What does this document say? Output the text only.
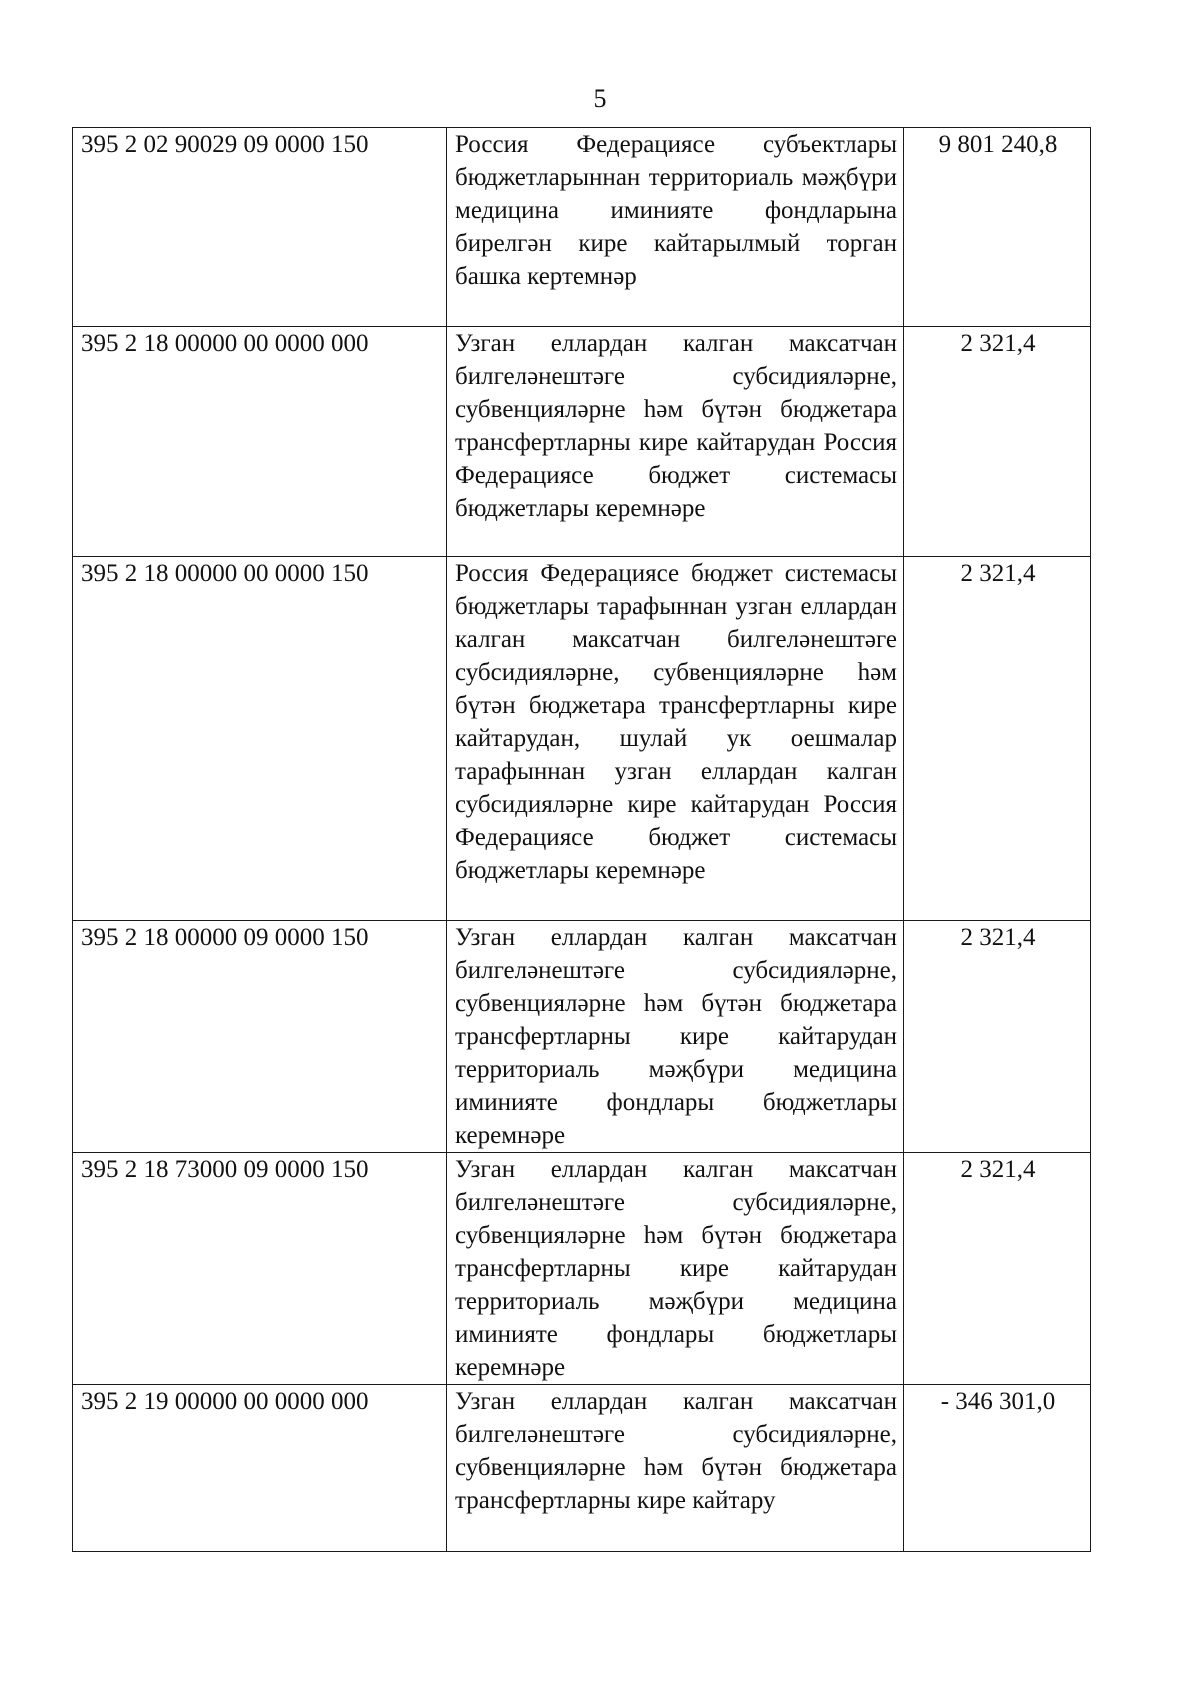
5
395 2 02 90029 09 0000 150	Россия Федерациясе субъектлары бюджетларыннан территориаль мәҗбүри медицина иминияте фондларына бирелгән кире кайтарылмый торган башка кертемнәр	9 801 240,8
395 2 18 00000 00 0000 000	Узган еллардан калган максатчан билгеләнештәге субсидияләрне, субвенцияләрне һәм бүтән бюджетара трансфертларны кире кайтарудан Россия Федерациясе бюджет системасы бюджетлары керемнәре	2 321,4
395 2 18 00000 00 0000 150	Россия Федерациясе бюджет системасы бюджетлары тарафыннан узган еллардан калган максатчан билгеләнештәге субсидияләрне, субвенцияләрне һәм бүтән бюджетара трансфертларны кире кайтарудан, шулай ук оешмалар тарафыннан узган еллардан калган субсидияләрне кире кайтарудан Россия Федерациясе бюджет системасы бюджетлары керемнәре	2 321,4
395 2 18 00000 09 0000 150	Узган еллардан калган максатчан билгеләнештәге субсидияләрне, субвенцияләрне һәм бүтән бюджетара трансфертларны кире кайтарудан территориаль мәҗбүри медицина иминияте фондлары бюджетлары керемнәре	2 321,4
395 2 18 73000 09 0000 150	Узган еллардан калган максатчан билгеләнештәге субсидияләрне, субвенцияләрне һәм бүтән бюджетара трансфертларны кире кайтарудан территориаль мәҗбүри медицина иминияте фондлары бюджетлары керемнәре	2 321,4
395 2 19 00000 00 0000 000	Узган еллардан калган максатчан билгеләнештәге субсидияләрне, субвенцияләрне һәм бүтән бюджетара трансфертларны кире кайтару	- 346 301,0
